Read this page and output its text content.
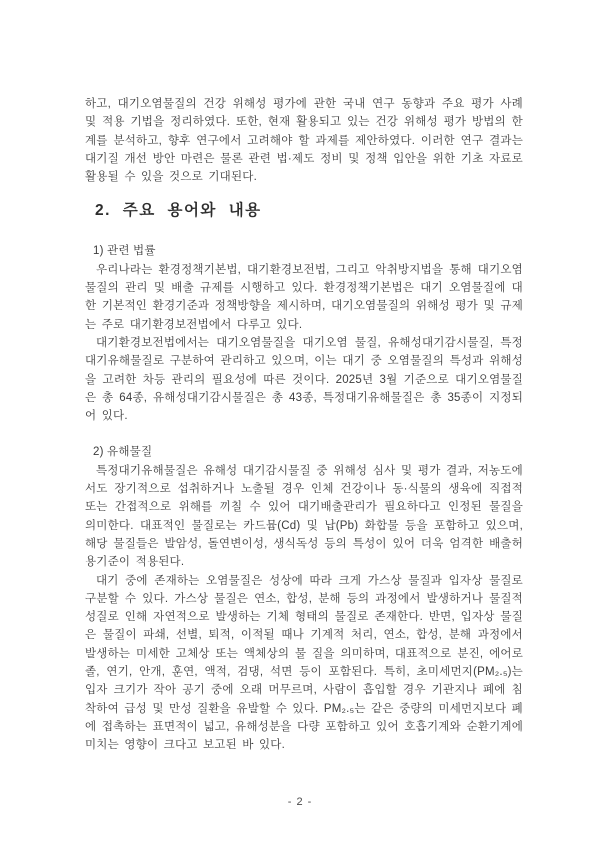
하고, 대기오염물질의 건강 위해성 평가에 관한 국내 연구 동향과 주요 평가 사례 및 적용 기법을 정리하였다. 또한, 현재 활용되고 있는 건강 위해성 평가 방법의 한계를 분석하고, 향후 연구에서 고려해야 할 과제를 제안하였다. 이러한 연구 결과는 대기질 개선 방안 마련은 물론 관련 법·제도 정비 및 정책 입안을 위한 기초 자료로 활용될 수 있을 것으로 기대된다.

2. 주요 용어와 내용
1) 관련 법률

우리나라는 환경정책기본법, 대기환경보전법, 그리고 악취방지법을 통해 대기오염물질의 관리 및 배출 규제를 시행하고 있다. 환경정책기본법은 대기 오염물질에 대한 기본적인 환경기준과 정책방향을 제시하며, 대기오염물질의 위해성 평가 및 규제는 주로 대기환경보전법에서 다루고 있다.

대기환경보전법에서는 대기오염물질을 대기오염 물질, 유해성대기감시물질, 특정대기유해물질로 구분하여 관리하고 있으며, 이는 대기 중 오염물질의 특성과 위해성을 고려한 차등 관리의 필요성에 따른 것이다. 2025년 3월 기준으로 대기오염물질은 총 64종, 유해성대기감시물질은 총 43종, 특정대기유해물질은 총 35종이 지정되어 있다.

2) 유해물질

특정대기유해물질은 유해성 대기감시물질 중 위해성 심사 및 평가 결과, 저농도에서도 장기적으로 섭취하거나 노출될 경우 인체 건강이나 동·식물의 생육에 직접적 또는 간접적으로 위해를 끼칠 수 있어 대기배출관리가 필요하다고 인정된 물질을 의미한다. 대표적인 물질로는 카드뮴(Cd) 및 납(Pb) 화합물 등을 포함하고 있으며, 해당 물질들은 발암성, 돌연변이성, 생식독성 등의 특성이 있어 더욱 엄격한 배출허용기준이 적용된다.

대기 중에 존재하는 오염물질은 성상에 따라 크게 가스상 물질과 입자상 물질로 구분할 수 있다. 가스상 물질은 연소, 합성, 분해 등의 과정에서 발생하거나 물질적 성질로 인해 자연적으로 발생하는 기체 형태의 물질로 존재한다. 반면, 입자상 물질은 물질이 파쇄, 선별, 퇴적, 이적될 때나 기계적 처리, 연소, 합성, 분해 과정에서 발생하는 미세한 고체상 또는 액체상의 물 질을 의미하며, 대표적으로 분진, 에어로졸, 연기, 안개, 훈연, 액적, 검댕, 석면 등이 포함된다. 특히, 초미세먼지(PM₂.₅)는 입자 크기가 작아 공기 중에 오래 머무르며, 사람이 흡입할 경우 기관지나 폐에 침착하여 급성 및 만성 질환을 유발할 수 있다. PM₂.₅는 같은 중량의 미세먼지보다 폐에 접촉하는 표면적이 넓고, 유해성분을 다량 포함하고 있어 호흡기계와 순환기계에 미치는 영향이 크다고 보고된 바 있다.

- 2 -
